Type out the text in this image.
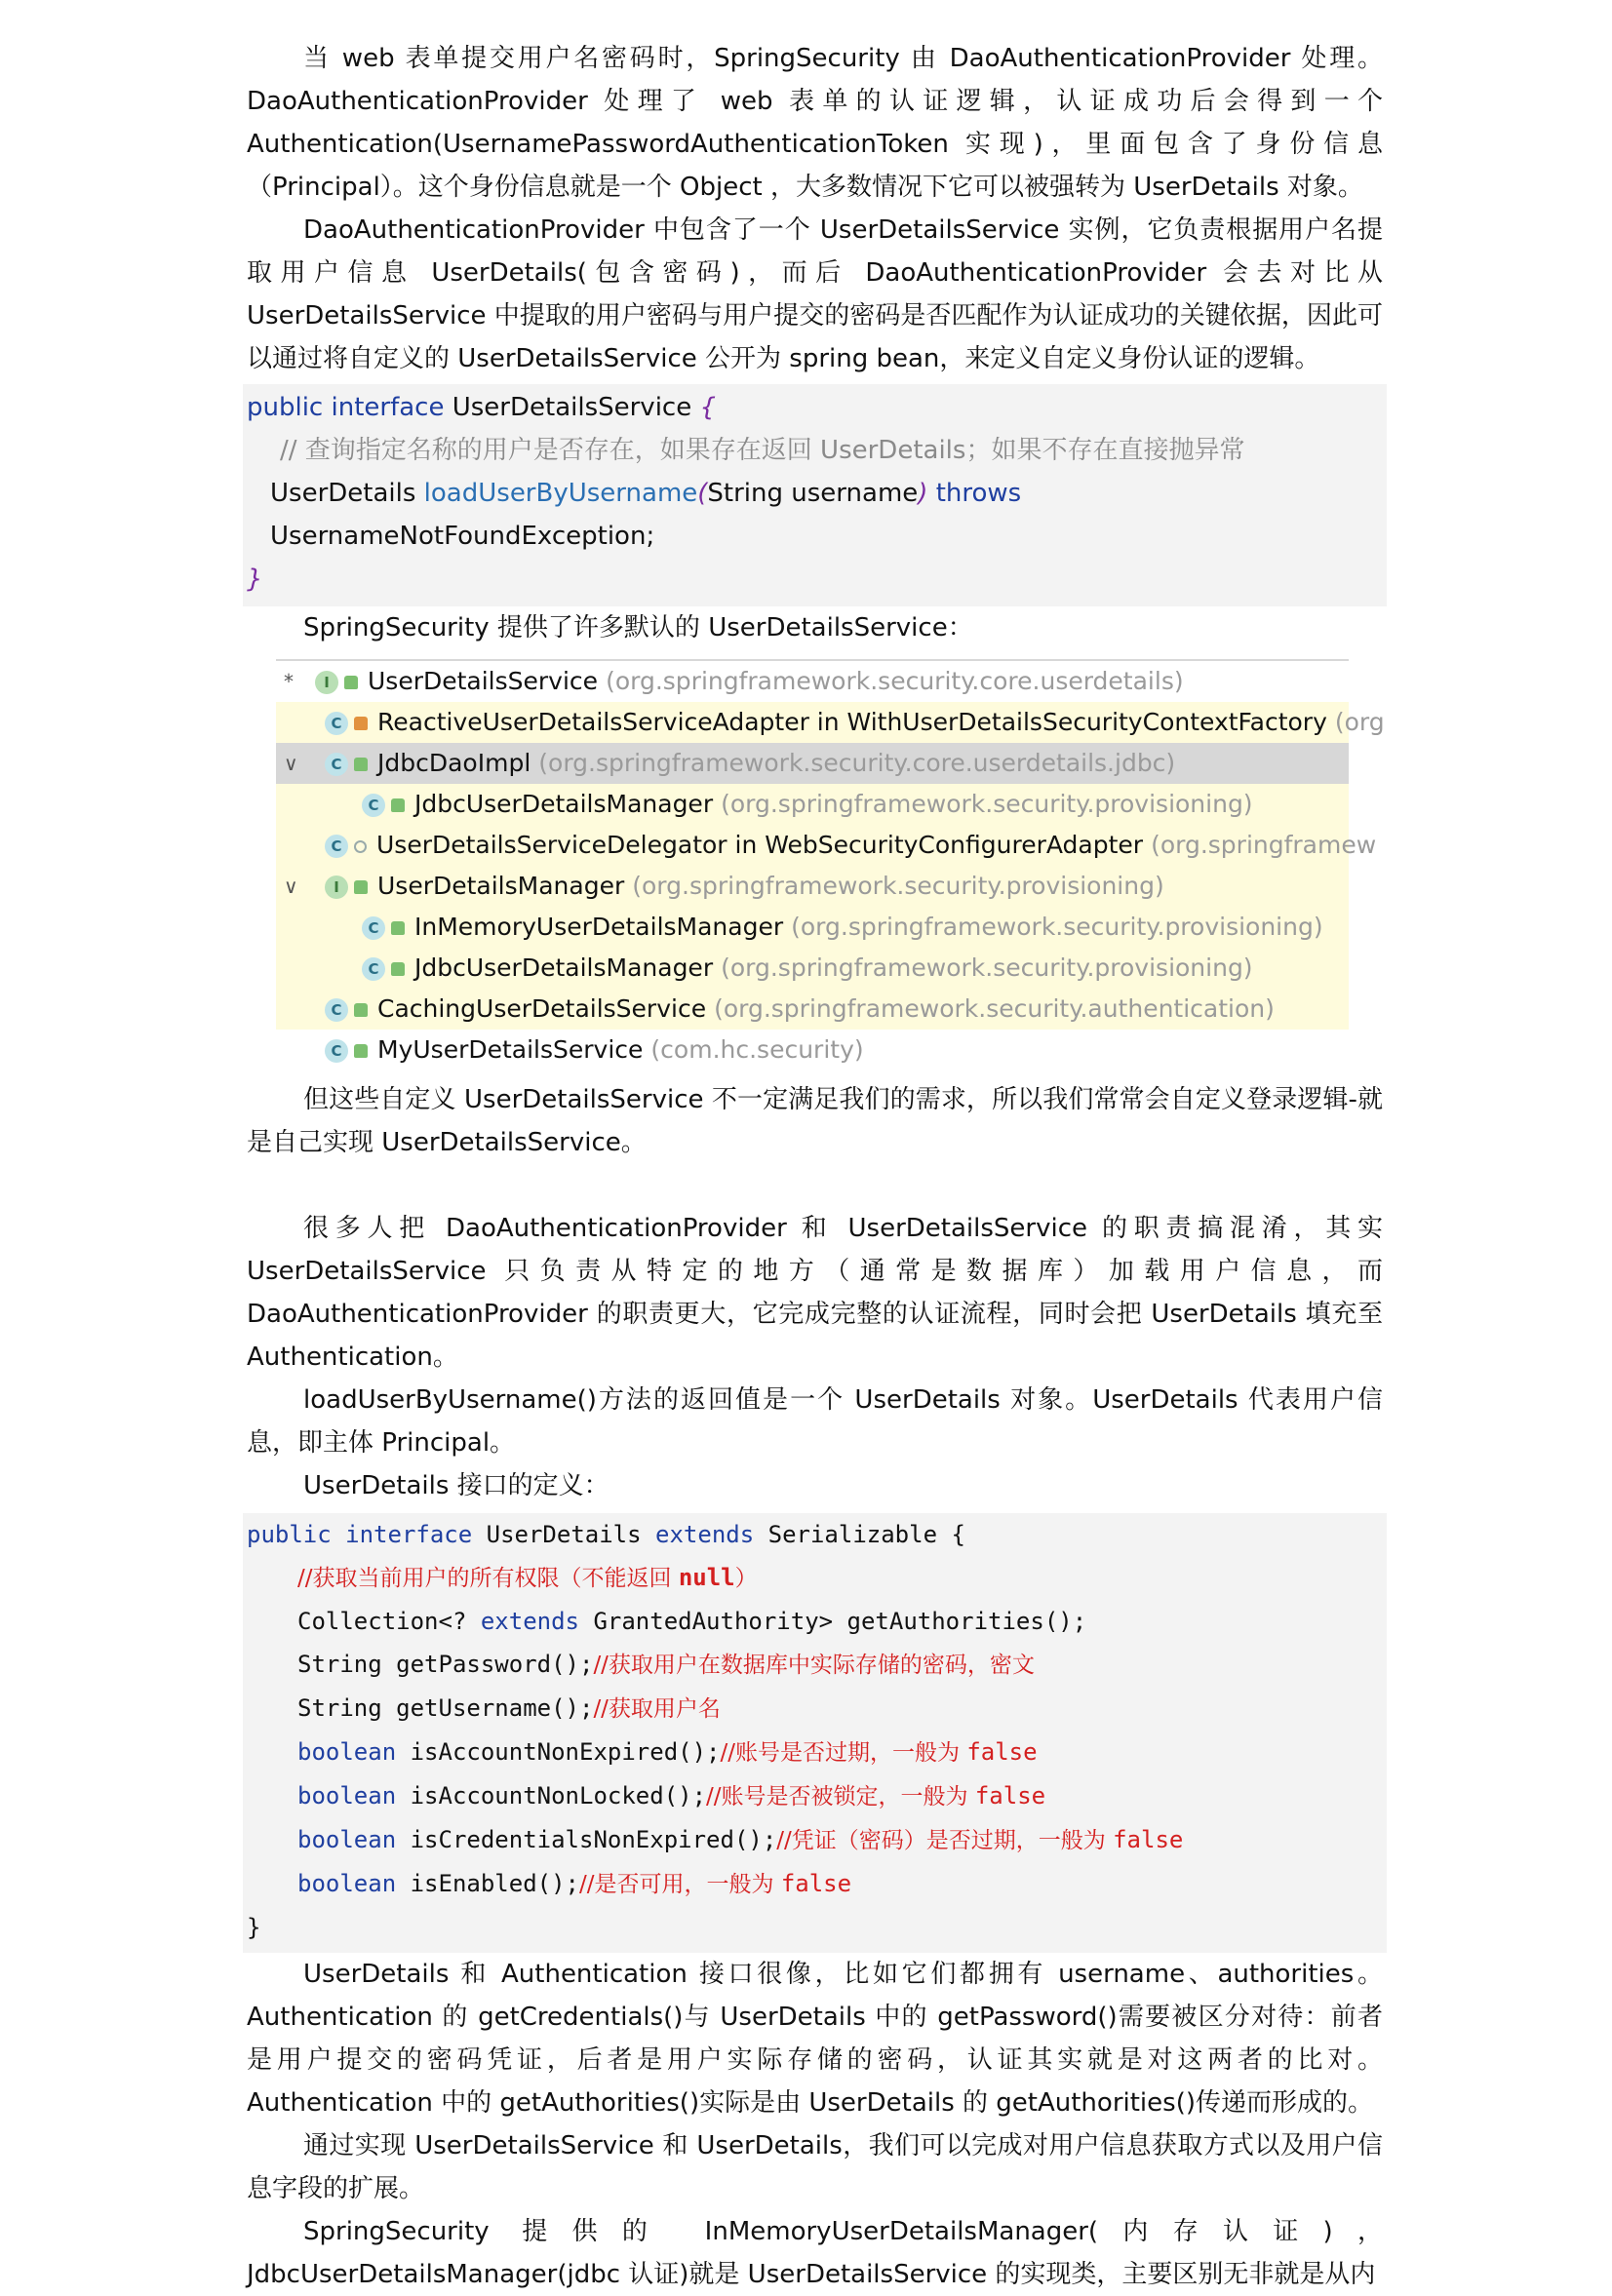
当 web 表单提交用户名密码时，SpringSecurity 由 DaoAuthenticationProvider 处理。DaoAuthenticationProvider 处理了 web 表单的认证逻辑，认证成功后会得到一个 Authentication(UsernamePasswordAuthenticationToken 实现)，里面包含了身份信息（Principal）。这个身份信息就是一个 Object ，大多数情况下它可以被强转为 UserDetails 对象。

DaoAuthenticationProvider 中包含了一个 UserDetailsService 实例，它负责根据用户名提取用户信息 UserDetails(包含密码)，而后 DaoAuthenticationProvider 会去对比从 UserDetailsService 中提取的用户密码与用户提交的密码是否匹配作为认证成功的关键依据，因此可以通过将自定义的 UserDetailsService 公开为 spring bean，来定义自定义身份认证的逻辑。

public interface UserDetailsService {
// 查询指定名称的用户是否存在，如果存在返回 UserDetails；如果不存在直接抛异常
UserDetails loadUserByUsername(String username) throws UsernameNotFoundException;
}

SpringSecurity 提供了许多默认的 UserDetailsService：

*	I UserDetailsService (org.springframework.security.core.userdetails)
C ReactiveUserDetailsServiceAdapter in WithUserDetailsSecurityContextFactory (org
∨	C JdbcDaoImpl (org.springframework.security.core.userdetails.jdbc)
C JdbcUserDetailsManager (org.springframework.security.provisioning)
C UserDetailsServiceDelegator in WebSecurityConfigurerAdapter (org.springframew
∨	I UserDetailsManager (org.springframework.security.provisioning)
C InMemoryUserDetailsManager (org.springframework.security.provisioning)
C JdbcUserDetailsManager (org.springframework.security.provisioning)
C CachingUserDetailsService (org.springframework.security.authentication)
C MyUserDetailsService (com.hc.security)

但这些自定义 UserDetailsService 不一定满足我们的需求，所以我们常常会自定义登录逻辑-就是自己实现 UserDetailsService。

很多人把 DaoAuthenticationProvider 和 UserDetailsService 的职责搞混淆，其实 UserDetailsService 只负责从特定的地方（通常是数据库）加载用户信息，而 DaoAuthenticationProvider 的职责更大，它完成完整的认证流程，同时会把 UserDetails 填充至 Authentication。

loadUserByUsername()方法的返回值是一个 UserDetails 对象。UserDetails 代表用户信息，即主体 Principal。

UserDetails 接口的定义：

public interface UserDetails extends Serializable {
//获取当前用户的所有权限（不能返回 null）
Collection<? extends GrantedAuthority> getAuthorities();
String getPassword();//获取用户在数据库中实际存储的密码，密文
String getUsername();//获取用户名
boolean isAccountNonExpired();//账号是否过期，一般为 false
boolean isAccountNonLocked();//账号是否被锁定，一般为 false
boolean isCredentialsNonExpired();//凭证（密码）是否过期，一般为 false
boolean isEnabled();//是否可用，一般为 false
}

UserDetails 和 Authentication 接口很像，比如它们都拥有 username、authorities。Authentication 的 getCredentials()与 UserDetails 中的 getPassword()需要被区分对待：前者是用户提交的密码凭证，后者是用户实际存储的密码，认证其实就是对这两者的比对。Authentication 中的 getAuthorities()实际是由 UserDetails 的 getAuthorities()传递而形成的。

通过实现 UserDetailsService 和 UserDetails，我们可以完成对用户信息获取方式以及用户信息字段的扩展。

SpringSecurity 提供的 InMemoryUserDetailsManager(内存认证)，JdbcUserDetailsManager(jdbc 认证)就是 UserDetailsService 的实现类，主要区别无非就是从内
